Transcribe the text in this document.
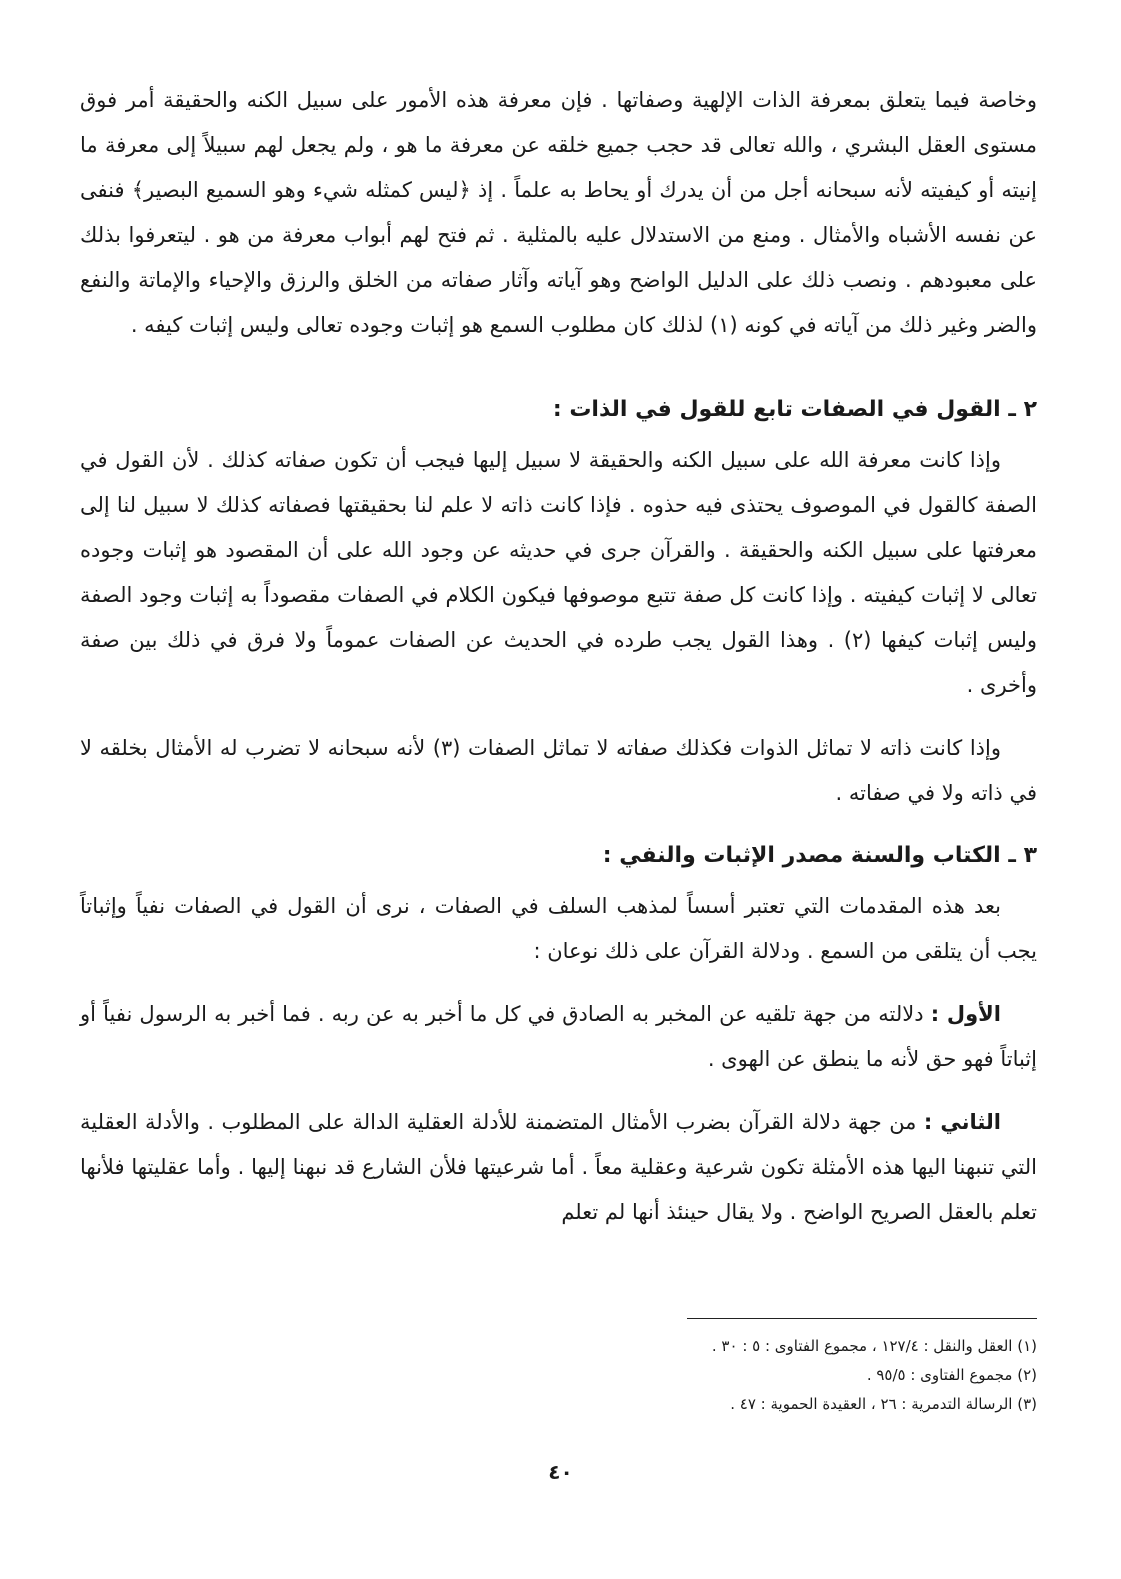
وخاصة فيما يتعلق بمعرفة الذات الإلهية وصفاتها . فإن معرفة هذه الأمور على سبيل الكنه والحقيقة أمر فوق مستوى العقل البشري ، والله تعالى قد حجب جميع خلقه عن معرفة ما هو ، ولم يجعل لهم سبيلاً إلى معرفة ما إنيته أو كيفيته لأنه سبحانه أجل من أن يدرك أو يحاط به علماً . إذ ﴿ليس كمثله شيء وهو السميع البصير﴾ فنفى عن نفسه الأشباه والأمثال . ومنع من الاستدلال عليه بالمثلية . ثم فتح لهم أبواب معرفة من هو . ليتعرفوا بذلك على معبودهم . ونصب ذلك على الدليل الواضح وهو آياته وآثار صفاته من الخلق والرزق والإحياء والإماتة والنفع والضر وغير ذلك من آياته في كونه (١) لذلك كان مطلوب السمع هو إثبات وجوده تعالى وليس إثبات كيفه .

٢ ـ القول في الصفات تابع للقول في الذات :

وإذا كانت معرفة الله على سبيل الكنه والحقيقة لا سبيل إليها فيجب أن تكون صفاته كذلك . لأن القول في الصفة كالقول في الموصوف يحتذى فيه حذوه . فإذا كانت ذاته لا علم لنا بحقيقتها فصفاته كذلك لا سبيل لنا إلى معرفتها على سبيل الكنه والحقيقة . والقرآن جرى في حديثه عن وجود الله على أن المقصود هو إثبات وجوده تعالى لا إثبات كيفيته . وإذا كانت كل صفة تتبع موصوفها فيكون الكلام في الصفات مقصوداً به إثبات وجود الصفة وليس إثبات كيفها (٢) . وهذا القول يجب طرده في الحديث عن الصفات عموماً ولا فرق في ذلك بين صفة وأخرى .

وإذا كانت ذاته لا تماثل الذوات فكذلك صفاته لا تماثل الصفات (٣) لأنه سبحانه لا تضرب له الأمثال بخلقه لا في ذاته ولا في صفاته .

٣ ـ الكتاب والسنة مصدر الإثبات والنفي :

بعد هذه المقدمات التي تعتبر أسساً لمذهب السلف في الصفات ، نرى أن القول في الصفات نفياً وإثباتاً يجب أن يتلقى من السمع . ودلالة القرآن على ذلك نوعان :

الأول : دلالته من جهة تلقيه عن المخبر به الصادق في كل ما أخبر به عن ربه . فما أخبر به الرسول نفياً أو إثباتاً فهو حق لأنه ما ينطق عن الهوى .

الثاني : من جهة دلالة القرآن بضرب الأمثال المتضمنة للأدلة العقلية الدالة على المطلوب . والأدلة العقلية التي تنبهنا اليها هذه الأمثلة تكون شرعية وعقلية معاً . أما شرعيتها فلأن الشارع قد نبهنا إليها . وأما عقليتها فلأنها تعلم بالعقل الصريح الواضح . ولا يقال حينئذ أنها لم تعلم

(١) العقل والنقل : ١٢٧/٤ ، مجموع الفتاوى : ٥ : ٣٠ .

(٢) مجموع الفتاوى : ٩٥/٥ .

(٣) الرسالة التدمرية : ٢٦ ، العقيدة الحموية : ٤٧ .

٤٠
